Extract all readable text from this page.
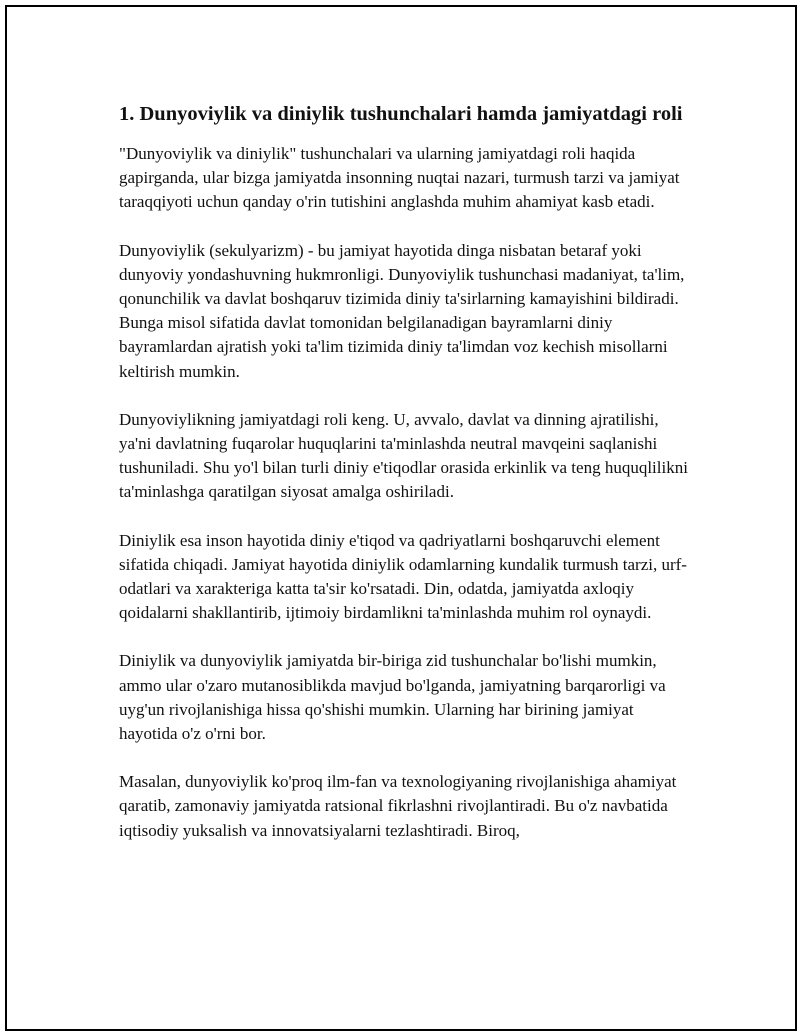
1. Dunyoviylik va diniylik tushunchalari hamda jamiyatdagi roli

"Dunyoviylik va diniylik" tushunchalari va ularning jamiyatdagi roli haqida gapirganda, ular bizga jamiyatda insonning nuqtai nazari, turmush tarzi va jamiyat taraqqiyoti uchun qanday o'rin tutishini anglashda muhim ahamiyat kasb etadi.

Dunyoviylik (sekulyarizm) - bu jamiyat hayotida dinga nisbatan betaraf yoki dunyoviy yondashuvning hukmronligi. Dunyoviylik tushunchasi madaniyat, ta'lim, qonunchilik va davlat boshqaruv tizimida diniy ta'sirlarning kamayishini bildiradi. Bunga misol sifatida davlat tomonidan belgilanadigan bayramlarni diniy bayramlardan ajratish yoki ta'lim tizimida diniy ta'limdan voz kechish misollarni keltirish mumkin.

Dunyoviylikning jamiyatdagi roli keng. U, avvalo, davlat va dinning ajratilishi, ya'ni davlatning fuqarolar huquqlarini ta'minlashda neutral mavqeini saqlanishi tushuniladi. Shu yo'l bilan turli diniy e'tiqodlar orasida erkinlik va teng huquqlilikni ta'minlashga qaratilgan siyosat amalga oshiriladi.

Diniylik esa inson hayotida diniy e'tiqod va qadriyatlarni boshqaruvchi element sifatida chiqadi. Jamiyat hayotida diniylik odamlarning kundalik turmush tarzi, urf-odatlari va xarakteriga katta ta'sir ko'rsatadi. Din, odatda, jamiyatda axloqiy qoidalarni shakllantirib, ijtimoiy birdamlikni ta'minlashda muhim rol oynaydi.

Diniylik va dunyoviylik jamiyatda bir-biriga zid tushunchalar bo'lishi mumkin, ammo ular o'zaro mutanosiblikda mavjud bo'lganda, jamiyatning barqarorligi va uyg'un rivojlanishiga hissa qo'shishi mumkin. Ularning har birining jamiyat hayotida o'z o'rni bor.

Masalan, dunyoviylik ko'proq ilm-fan va texnologiyaning rivojlanishiga ahamiyat qaratib, zamonaviy jamiyatda ratsional fikrlashni rivojlantiradi. Bu o'z navbatida iqtisodiy yuksalish va innovatsiyalarni tezlashtiradi. Biroq,
